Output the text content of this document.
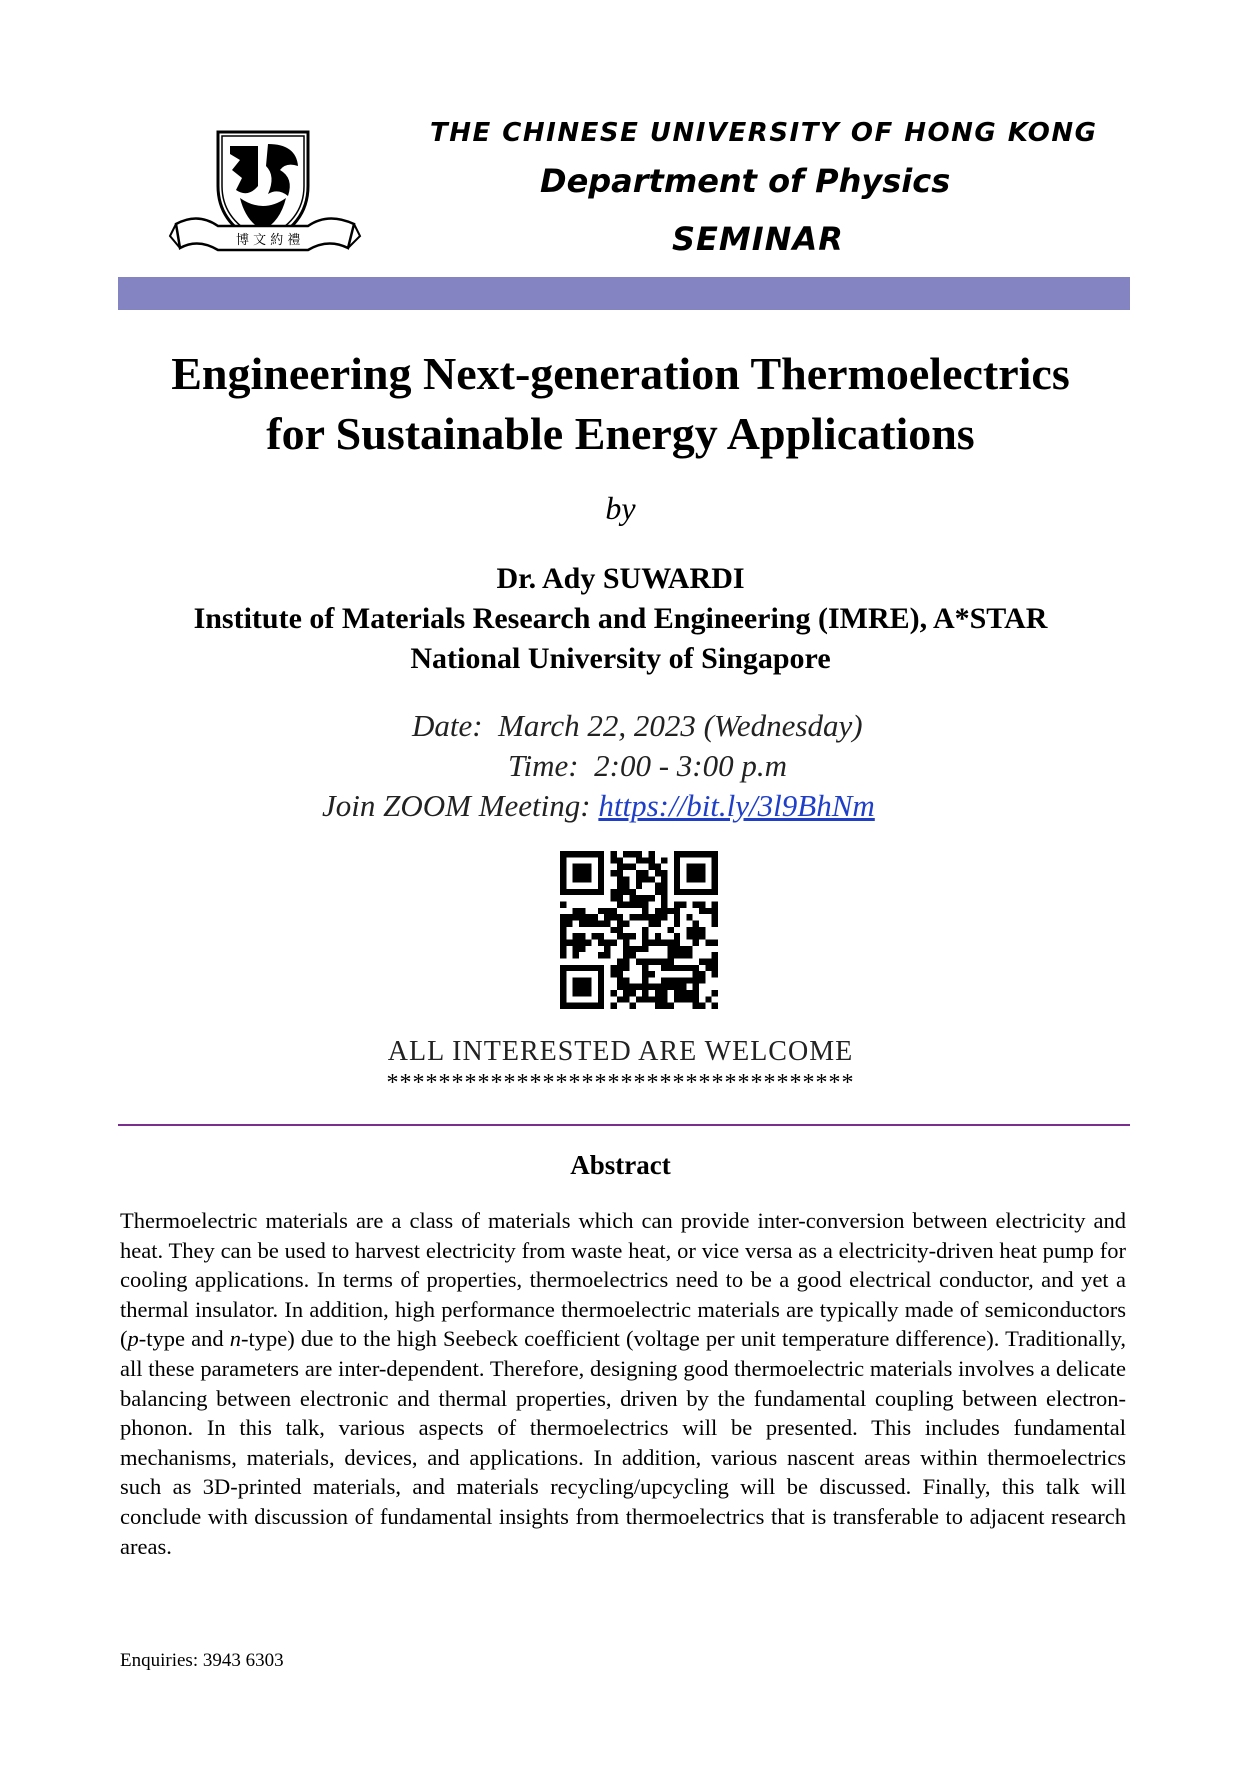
博 文 約 禮
THE CHINESE UNIVERSITY OF HONG KONG
Department of Physics
SEMINAR
Engineering Next-generation Thermoelectrics
for Sustainable Energy Applications
by
Dr. Ady SUWARDI
Institute of Materials Research and Engineering (IMRE), A*STAR
National University of Singapore
Date: March 22, 2023 (Wednesday)
Time: 2:00 - 3:00 p.m
Join ZOOM Meeting: https://bit.ly/3l9BhNm
ALL INTERESTED ARE WELCOME
************************************
Abstract
Thermoelectric materials are a class of materials which can provide inter-conversion between electricity and heat. They can be used to harvest electricity from waste heat, or vice versa as a electricity-driven heat pump for cooling applications. In terms of properties, thermoelectrics need to be a good electrical conductor, and yet a thermal insulator. In addition, high performance thermoelectric materials are typically made of semiconductors (p-type and n-type) due to the high Seebeck coefficient (voltage per unit temperature difference). Traditionally, all these parameters are inter-dependent. Therefore, designing good thermoelectric materials involves a delicate balancing between electronic and thermal properties, driven by the fundamental coupling between electron-phonon. In this talk, various aspects of thermoelectrics will be presented. This includes fundamental mechanisms, materials, devices, and applications. In addition, various nascent areas within thermoelectrics such as 3D-printed materials, and materials recycling/upcycling will be discussed. Finally, this talk will conclude with discussion of fundamental insights from thermoelectrics that is transferable to adjacent research areas.
Enquiries: 3943 6303
